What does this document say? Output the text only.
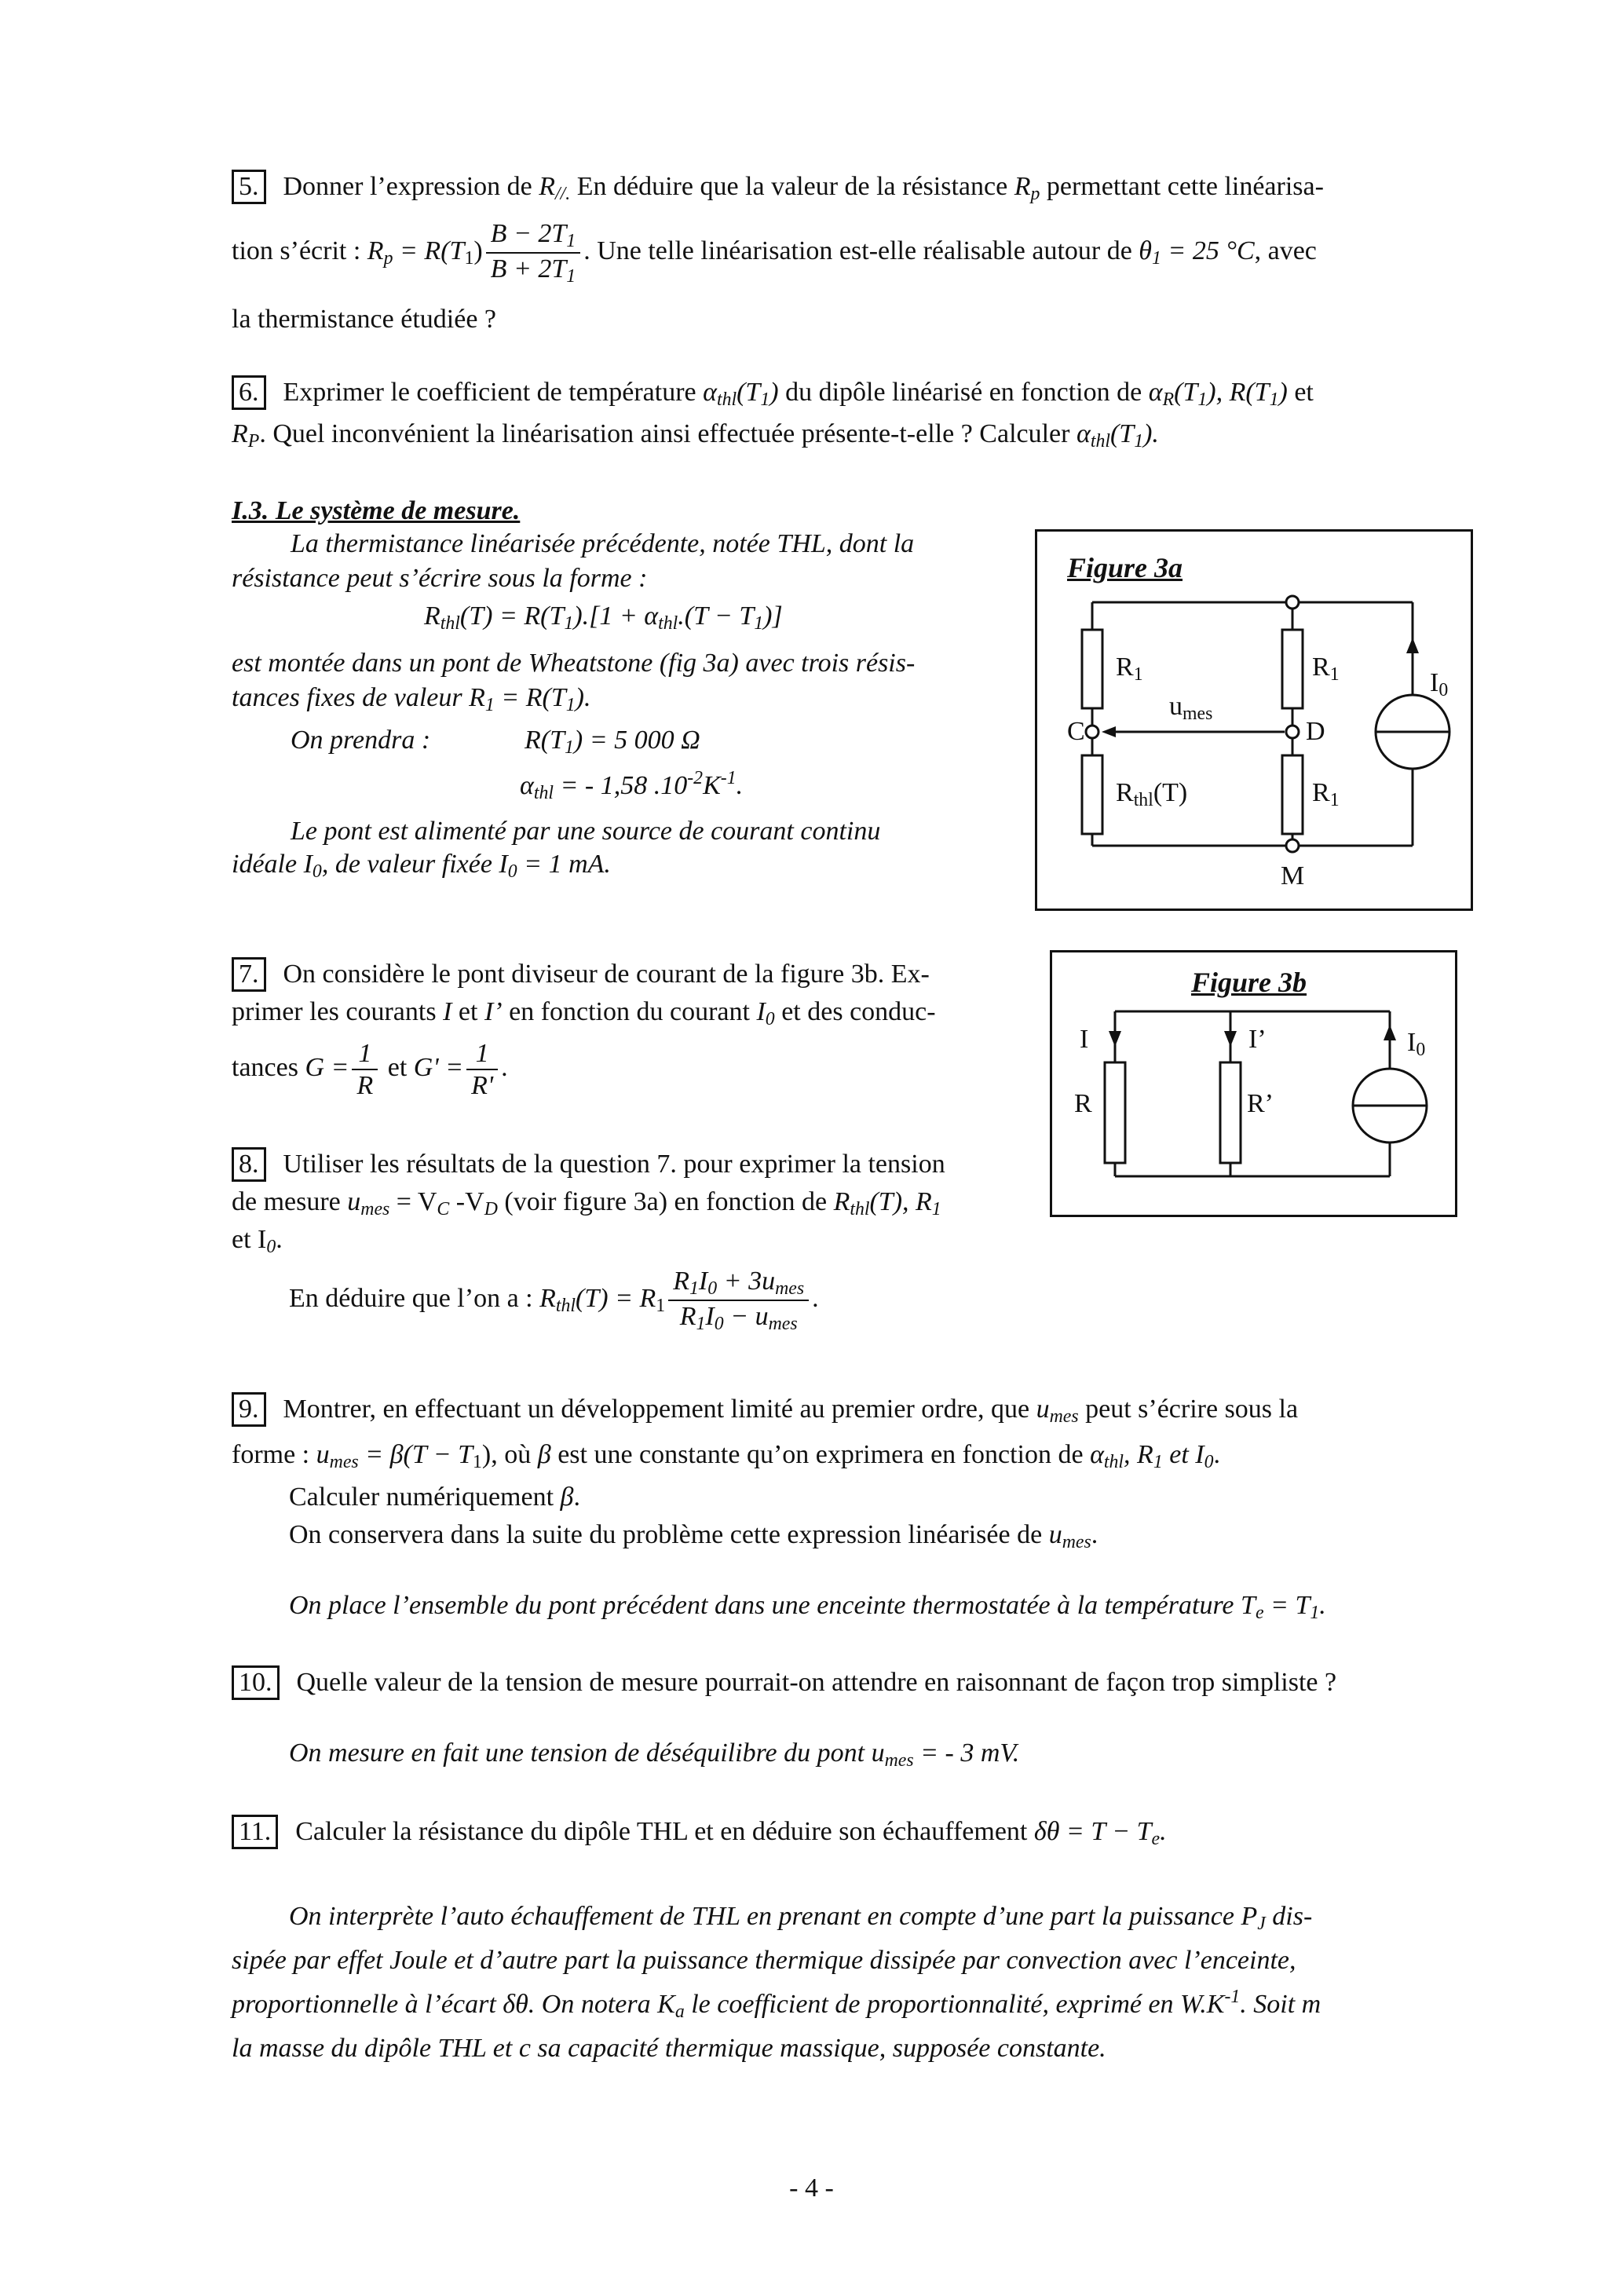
5. Donner l’expression de $R_{//.}$ En déduire que la valeur de la résistance $R_p$ permettant cette linéarisa-
tion s’écrit : $R_p = R(T_1) \frac{B - 2T_1}{B + 2T_1}$ . Une telle linéarisation est-elle réalisable autour de $\theta_1 = 25$ °C, avec
la thermistance étudiée ?
6. Exprimer le coefficient de température $\alpha_{thl}(T_1)$ du dipôle linéarisé en fonction de $\alpha_R(T_1)$, $R(T_1)$ et
$R_P$. Quel inconvénient la linéarisation ainsi effectuée présente-t-elle ? Calculer $\alpha_{thl}(T_1)$.
I.3. Le système de mesure.
La thermistance linéarisée précédente, notée THL, dont la
résistance peut s’écrire sous la forme :
$R_{thl}(T) = R(T_1).[1 + \alpha_{thl}.(T - T_1)]$
est montée dans un pont de Wheatstone (fig 3a) avec trois résis-
tances fixes de valeur $R_1 = R(T_1)$.
On prendra :	$R(T_1) = 5$ 000 Ω
$\alpha_{thl}$ = - 1,58 $.10^{-2}K^{-1}$.
Le pont est alimenté par une source de courant continu
idéale $I_0$, de valeur fixée $I_0 = 1$ mA.
Figure 3a
$R_1$	$R_1$	$I_0$
$u_{mes}$
C	D
$R_{thl}(T)$	$R_1$
M
7. On considère le pont diviseur de courant de la figure 3b. Ex-
primer les courants I et I’ en fonction du courant $I_0$ et des conduc-
tances $G = \frac{1}{R}$ et $G' = \frac{1}{R'}$ .
Figure 3b
I	I’	$I_0$
R	R’
8. Utiliser les résultats de la question 7. pour exprimer la tension
de mesure $u_{mes} = V_C$ $-V_D$ (voir figure 3a) en fonction de $R_{thl}(T)$, $R_1$
et $I_0$.
En déduire que l’on a : $R_{thl}(T) = R_1 \frac{R_1I_0 + 3u_{mes}}{R_1I_0 - u_{mes}}$ .
9. Montrer, en effectuant un développement limité au premier ordre, que $u_{mes}$ peut s’écrire sous la
forme : $u_{mes} = \beta(T - T_1)$, où β est une constante qu’on exprimera en fonction de $\alpha_{thl}$, $R_1$ et $I_0$.
Calculer numériquement β.
On conservera dans la suite du problème cette expression linéarisée de $u_{mes}$.
On place l’ensemble du pont précédent dans une enceinte thermostatée à la température $T_e = T_1$.
10. Quelle valeur de la tension de mesure pourrait-on attendre en raisonnant de façon trop simpliste ?
On mesure en fait une tension de déséquilibre du pont $u_{mes}$ = - 3 mV.
11. Calculer la résistance du dipôle THL et en déduire son échauffement $\delta\theta = T - T_e$.
On interprète l’auto échauffement de THL en prenant en compte d’une part la puissance $P_J$ dis-
sipée par effet Joule et d’autre part la puissance thermique dissipée par convection avec l’enceinte,
proportionnelle à l’écart δθ. On notera $K_a$ le coefficient de proportionnalité, exprimé en $W.K^{-1}$. Soit m
la masse du dipôle THL et c sa capacité thermique massique, supposée constante.
- 4 -
